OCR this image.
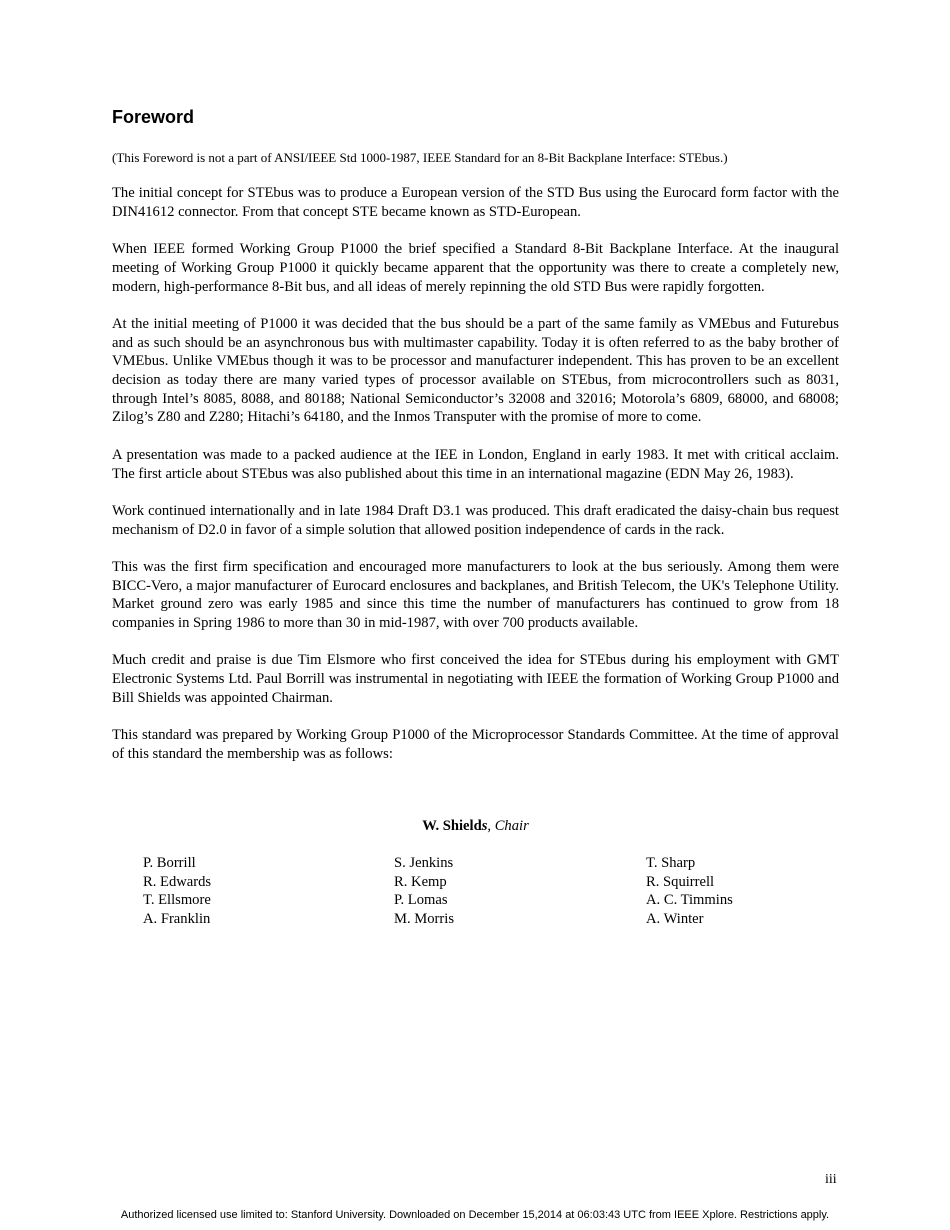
Foreword
(This Foreword is not a part of ANSI/IEEE Std 1000-1987, IEEE Standard for an 8-Bit Backplane Interface: STEbus.)

The initial concept for STEbus was to produce a European version of the STD Bus using the Eurocard form factor with the DIN41612 connector. From that concept STE became known as STD-European.

When IEEE formed Working Group P1000 the brief specified a Standard 8-Bit Backplane Interface. At the inaugural meeting of Working Group P1000 it quickly became apparent that the opportunity was there to create a completely new, modern, high-performance 8-Bit bus, and all ideas of merely repinning the old STD Bus were rapidly forgotten.

At the initial meeting of P1000 it was decided that the bus should be a part of the same family as VMEbus and Futurebus and as such should be an asynchronous bus with multimaster capability. Today it is often referred to as the baby brother of VMEbus. Unlike VMEbus though it was to be processor and manufacturer independent. This has proven to be an excellent decision as today there are many varied types of processor available on STEbus, from microcontrollers such as 8031, through Intel’s 8085, 8088, and 80188; National Semiconductor’s 32008 and 32016; Motorola’s 6809, 68000, and 68008; Zilog’s Z80 and Z280; Hitachi’s 64180, and the Inmos Transputer with the promise of more to come.

A presentation was made to a packed audience at the IEE in London, England in early 1983. It met with critical acclaim. The first article about STEbus was also published about this time in an international magazine (EDN May 26, 1983).

Work continued internationally and in late 1984 Draft D3.1 was produced. This draft eradicated the daisy-chain bus request mechanism of D2.0 in favor of a simple solution that allowed position independence of cards in the rack.

This was the first firm specification and encouraged more manufacturers to look at the bus seriously. Among them were BICC-Vero, a major manufacturer of Eurocard enclosures and backplanes, and British Telecom, the UK's Telephone Utility. Market ground zero was early 1985 and since this time the number of manufacturers has continued to grow from 18 companies in Spring 1986 to more than 30 in mid-1987, with over 700 products available.

Much credit and praise is due Tim Elsmore who first conceived the idea for STEbus during his employment with GMT Electronic Systems Ltd. Paul Borrill was instrumental in negotiating with IEEE the formation of Working Group P1000 and Bill Shields was appointed Chairman.

This standard was prepared by Working Group P1000 of the Microprocessor Standards Committee. At the time of approval of this standard the membership was as follows:

W. Shields, Chair
P. Borrill
R. Edwards
T. Ellsmore
A. Franklin
S. Jenkins
R. Kemp
P. Lomas
M. Morris
T. Sharp
R. Squirrell
A. C. Timmins
A. Winter
iii
Authorized licensed use limited to: Stanford University. Downloaded on December 15,2014 at 06:03:43 UTC from IEEE Xplore. Restrictions apply.
